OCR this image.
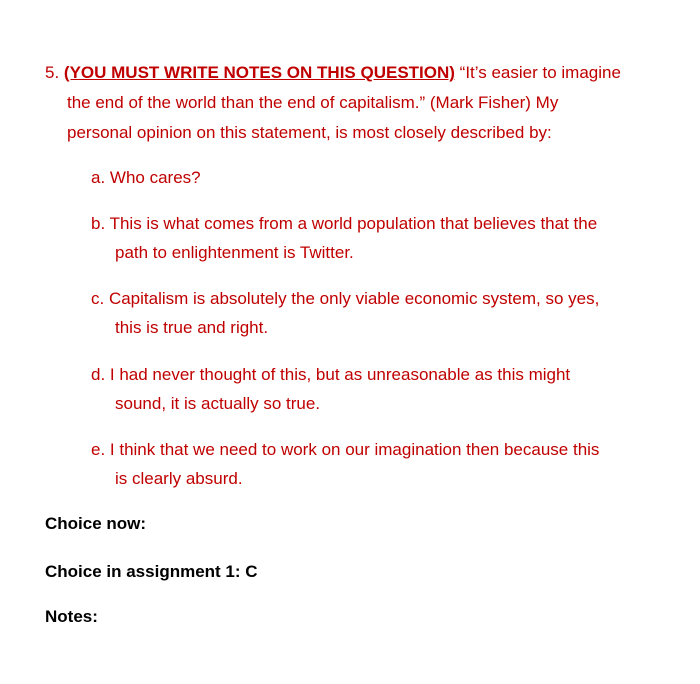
5. (YOU MUST WRITE NOTES ON THIS QUESTION) “It’s easier to imagine
the end of the world than the end of capitalism.” (Mark Fisher) My
personal opinion on this statement, is most closely described by:
a. Who cares?
b. This is what comes from a world population that believes that the
path to enlightenment is Twitter.
c. Capitalism is absolutely the only viable economic system, so yes,
this is true and right.
d. I had never thought of this, but as unreasonable as this might
sound, it is actually so true.
e. I think that we need to work on our imagination then because this
is clearly absurd.
Choice now:
Choice in assignment 1: C
Notes:
